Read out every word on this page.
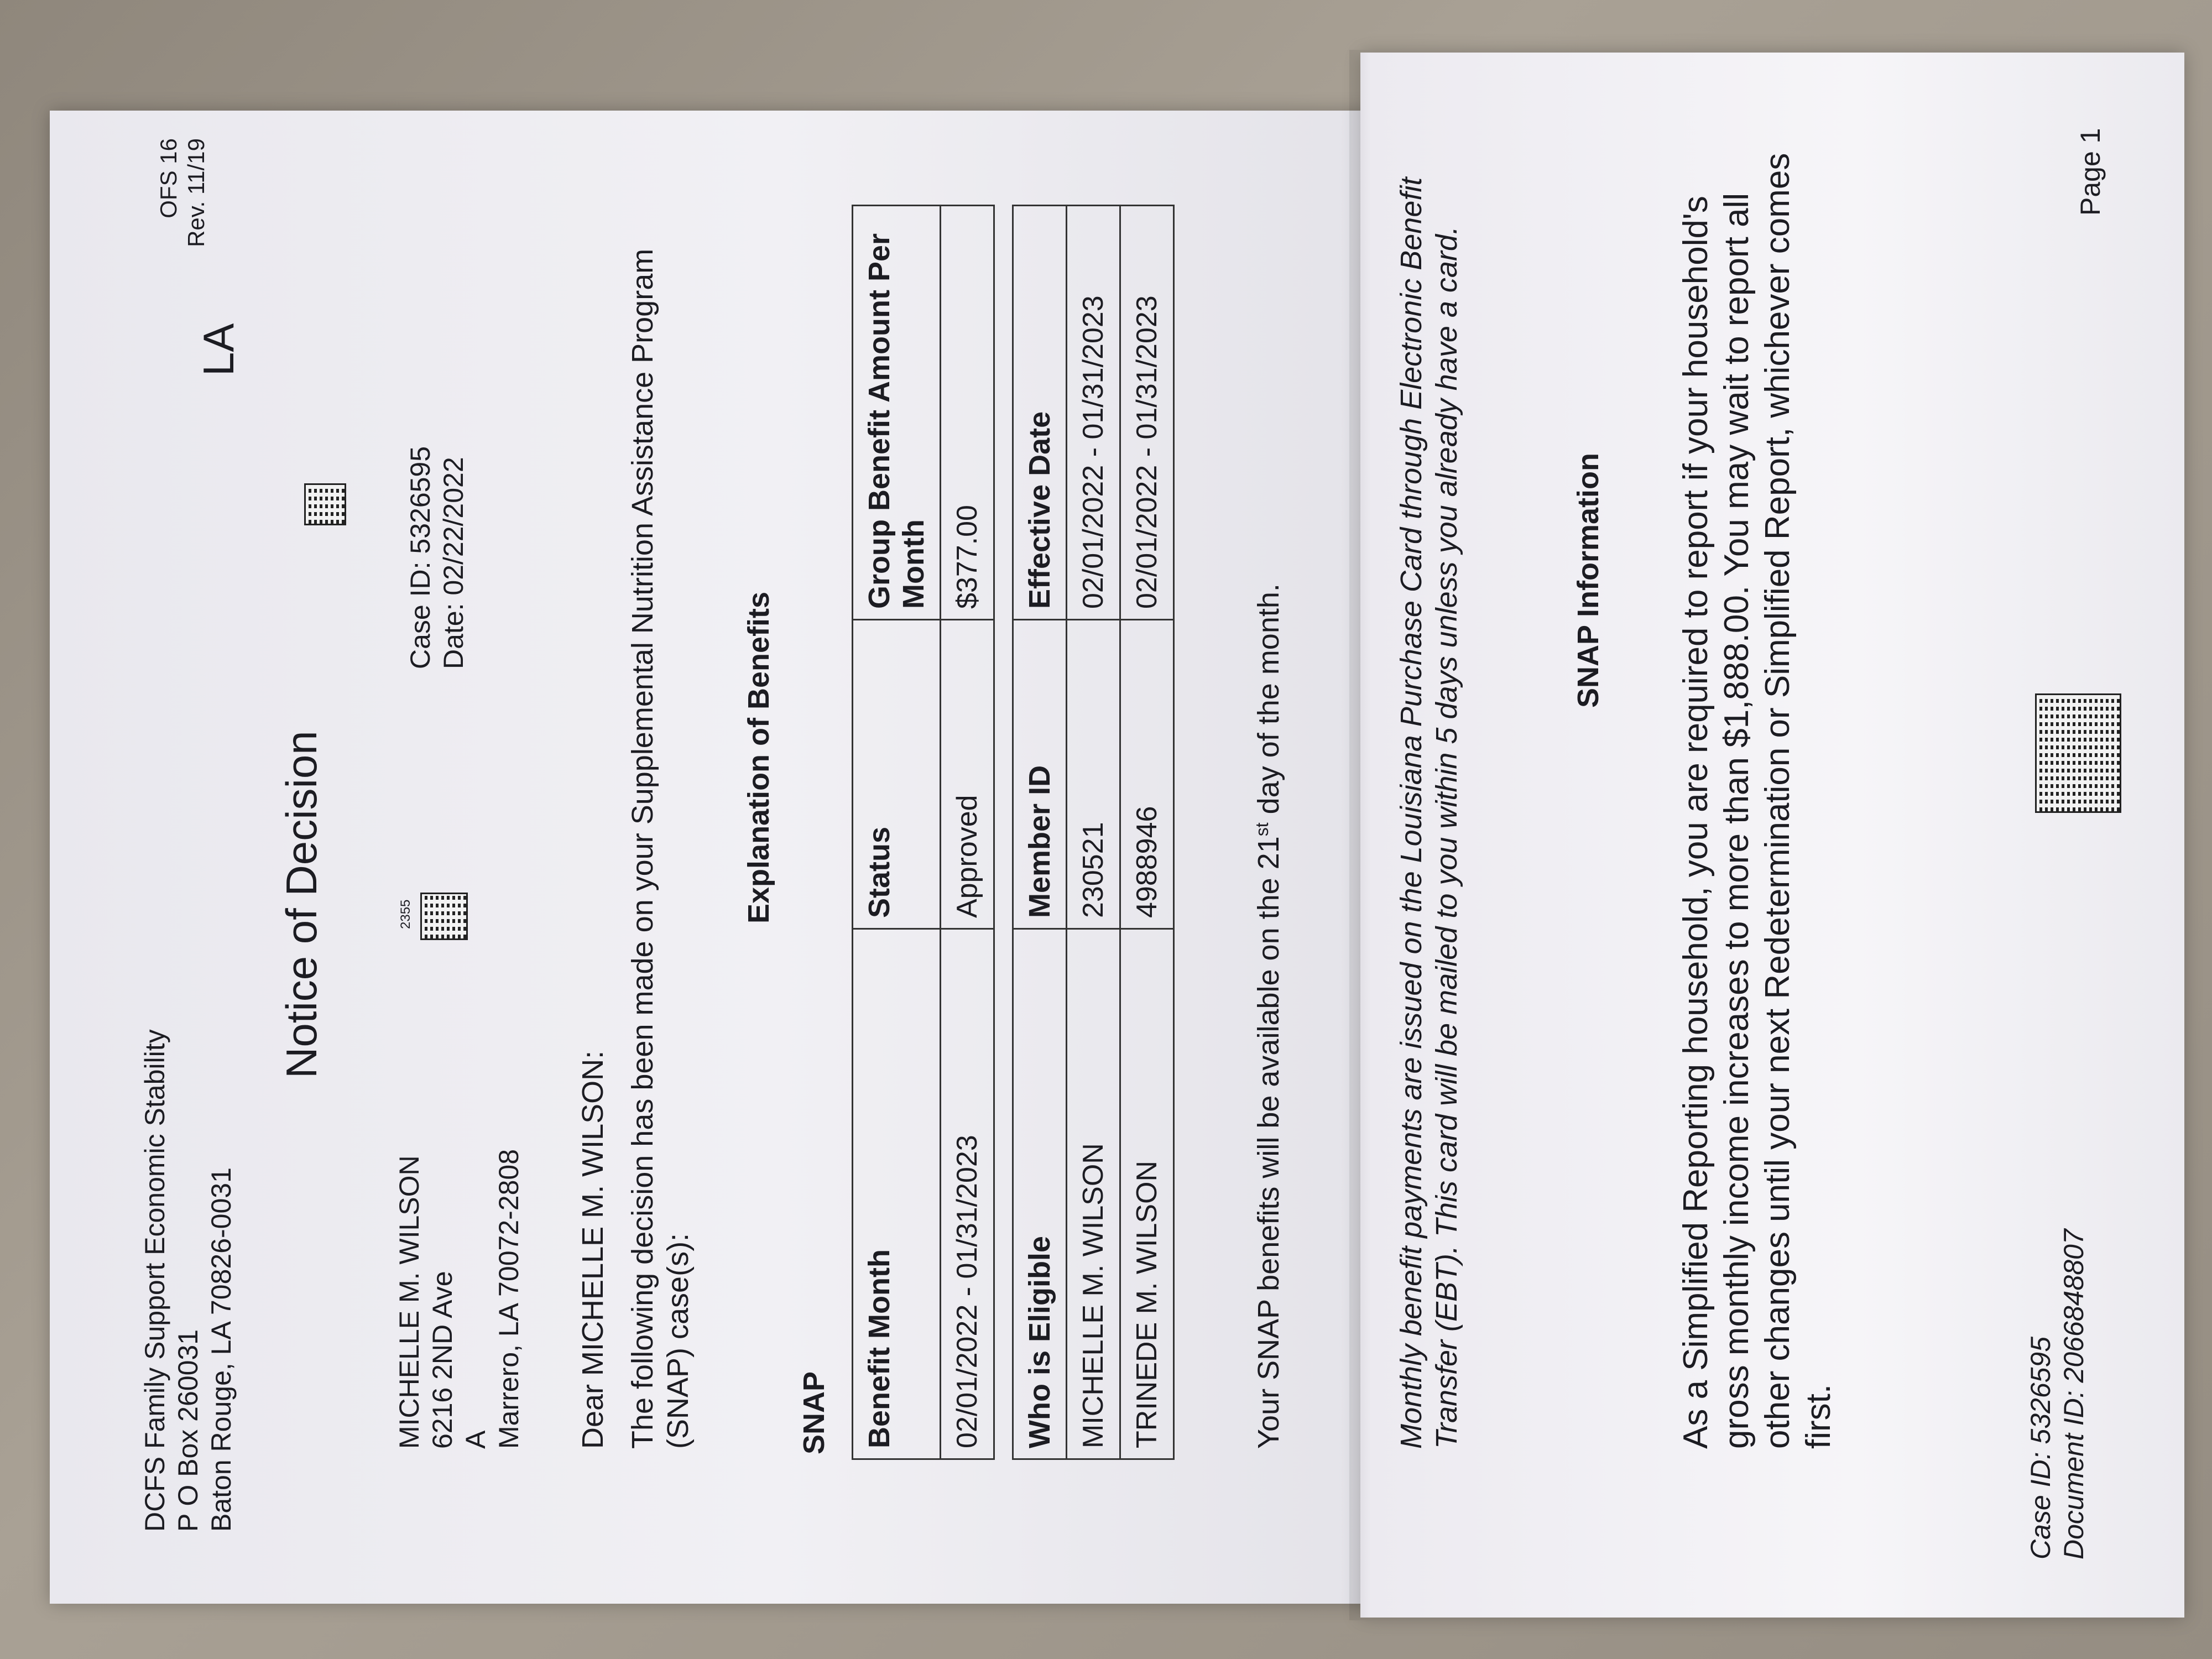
OFS 16 Rev. 11/19
DCFS Family Support Economic Stability P O Box 260031 Baton Rouge, LA 70826-0031
LA
Notice of Decision
MICHELLE M. WILSON 6216 2ND Ave A Marrero, LA 70072-2808
2355
Case ID: 5326595 Date: 02/22/2022
Dear MICHELLE M. WILSON: The following decision has been made on your Supplemental Nutrition Assistance Program (SNAP) case(s):
Explanation of Benefits
SNAP Benefit Month	Status	Group Benefit Amount Per Month
02/01/2022 - 01/31/2023	Approved	$377.00
Who is Eligible	Member ID	Effective Date
MICHELLE M. WILSON	230521	02/01/2022 - 01/31/2023
TRINEDE M. WILSON	4988946	02/01/2022 - 01/31/2023
Your SNAP benefits will be available on the 21st day of the month.	Monthly benefit payments are issued on the Louisiana Purchase Card through Electronic Benefit Transfer (EBT). This card will be mailed to you within 5 days unless you already have a card.	SNAP Information As a Simplified Reporting household, you are required to report if your household's gross monthly income increases to more than $1,888.00. You may wait to report all other changes until your next Redetermination or Simplified Report, whichever comes first.	Case ID: 5326595 Document ID: 2066848807
Page 1
